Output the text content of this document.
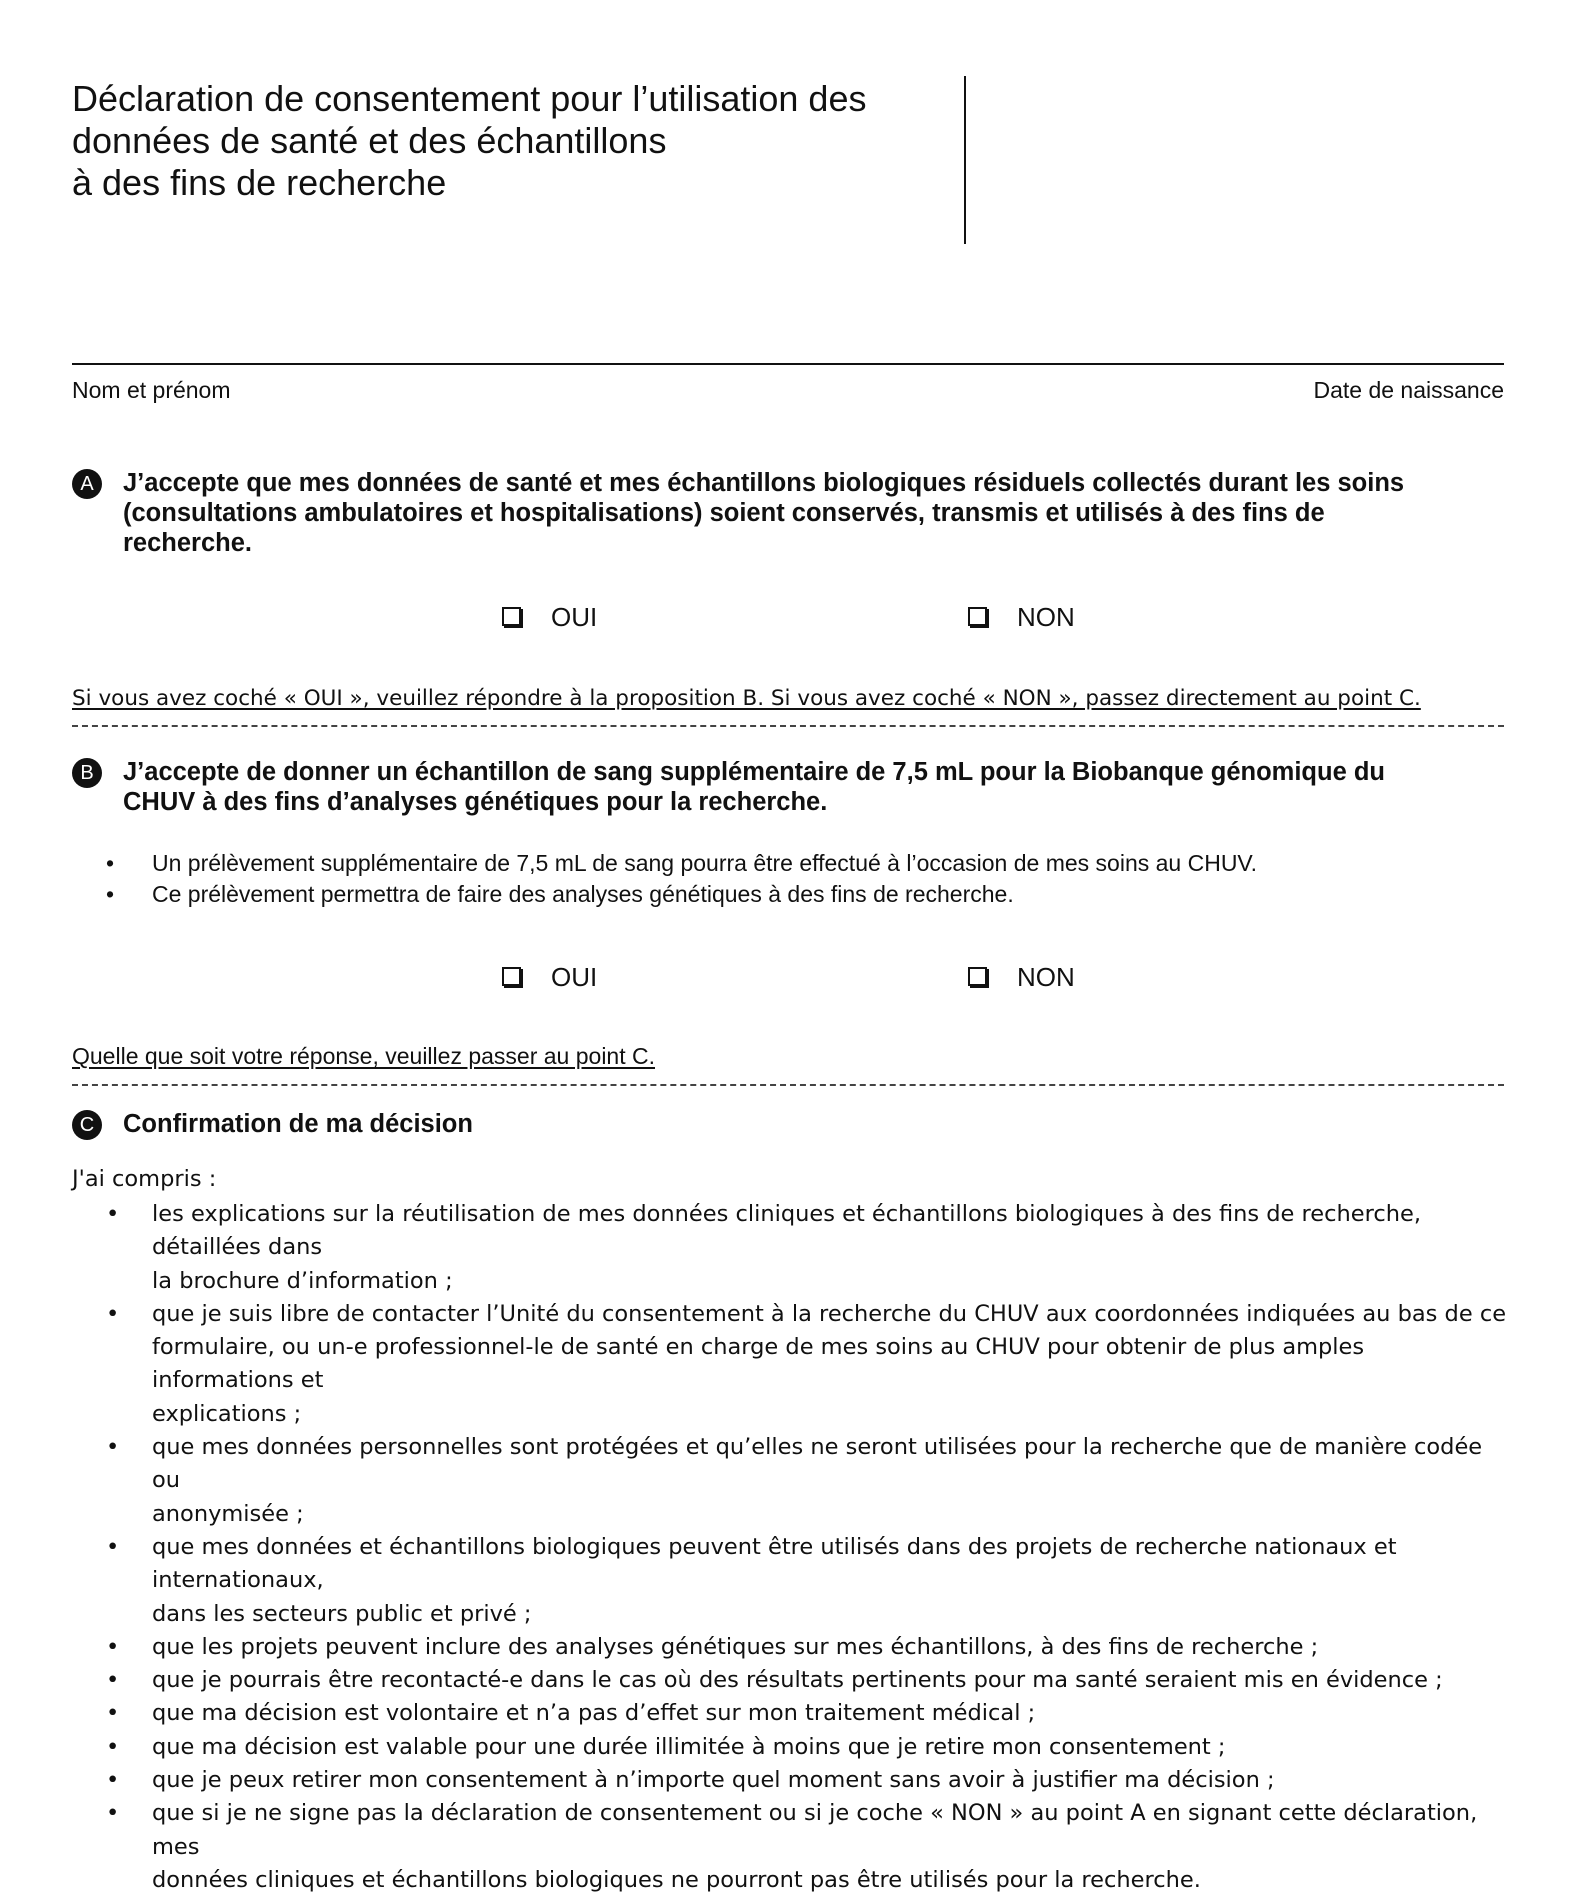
Déclaration de consentement pour l’utilisation des
données de santé et des échantillons
à des fins de recherche
Nom et prénom	Date de naissance
A	J’accepte que mes données de santé et mes échantillons biologiques résiduels collectés durant les soins
(consultations ambulatoires et hospitalisations) soient conservés, transmis et utilisés à des fins de
recherche.
OUI	NON
Si vous avez coché « OUI », veuillez répondre à la proposition B. Si vous avez coché « NON », passez directement au point C.
B	J’accepte de donner un échantillon de sang supplémentaire de 7,5 mL pour la Biobanque génomique du
CHUV à des fins d’analyses génétiques pour la recherche.
• Un prélèvement supplémentaire de 7,5 mL de sang pourra être effectué à l’occasion de mes soins au CHUV.
• Ce prélèvement permettra de faire des analyses génétiques à des fins de recherche.
OUI	NON
Quelle que soit votre réponse, veuillez passer au point C.
C	Confirmation de ma décision
J'ai compris :
• les explications sur la réutilisation de mes données cliniques et échantillons biologiques à des fins de recherche, détaillées dans
la brochure d’information ;
• que je suis libre de contacter l’Unité du consentement à la recherche du CHUV aux coordonnées indiquées au bas de ce
formulaire, ou un-e professionnel-le de santé en charge de mes soins au CHUV pour obtenir de plus amples informations et
explications ;
• que mes données personnelles sont protégées et qu’elles ne seront utilisées pour la recherche que de manière codée ou
anonymisée ;
• que mes données et échantillons biologiques peuvent être utilisés dans des projets de recherche nationaux et internationaux,
dans les secteurs public et privé ;
• que les projets peuvent inclure des analyses génétiques sur mes échantillons, à des fins de recherche ;
• que je pourrais être recontacté-e dans le cas où des résultats pertinents pour ma santé seraient mis en évidence ;
• que ma décision est volontaire et n’a pas d’effet sur mon traitement médical ;
• que ma décision est valable pour une durée illimitée à moins que je retire mon consentement ;
• que je peux retirer mon consentement à n’importe quel moment sans avoir à justifier ma décision ;
• que si je ne signe pas la déclaration de consentement ou si je coche « NON » au point A en signant cette déclaration, mes
données cliniques et échantillons biologiques ne pourront pas être utilisés pour la recherche.
